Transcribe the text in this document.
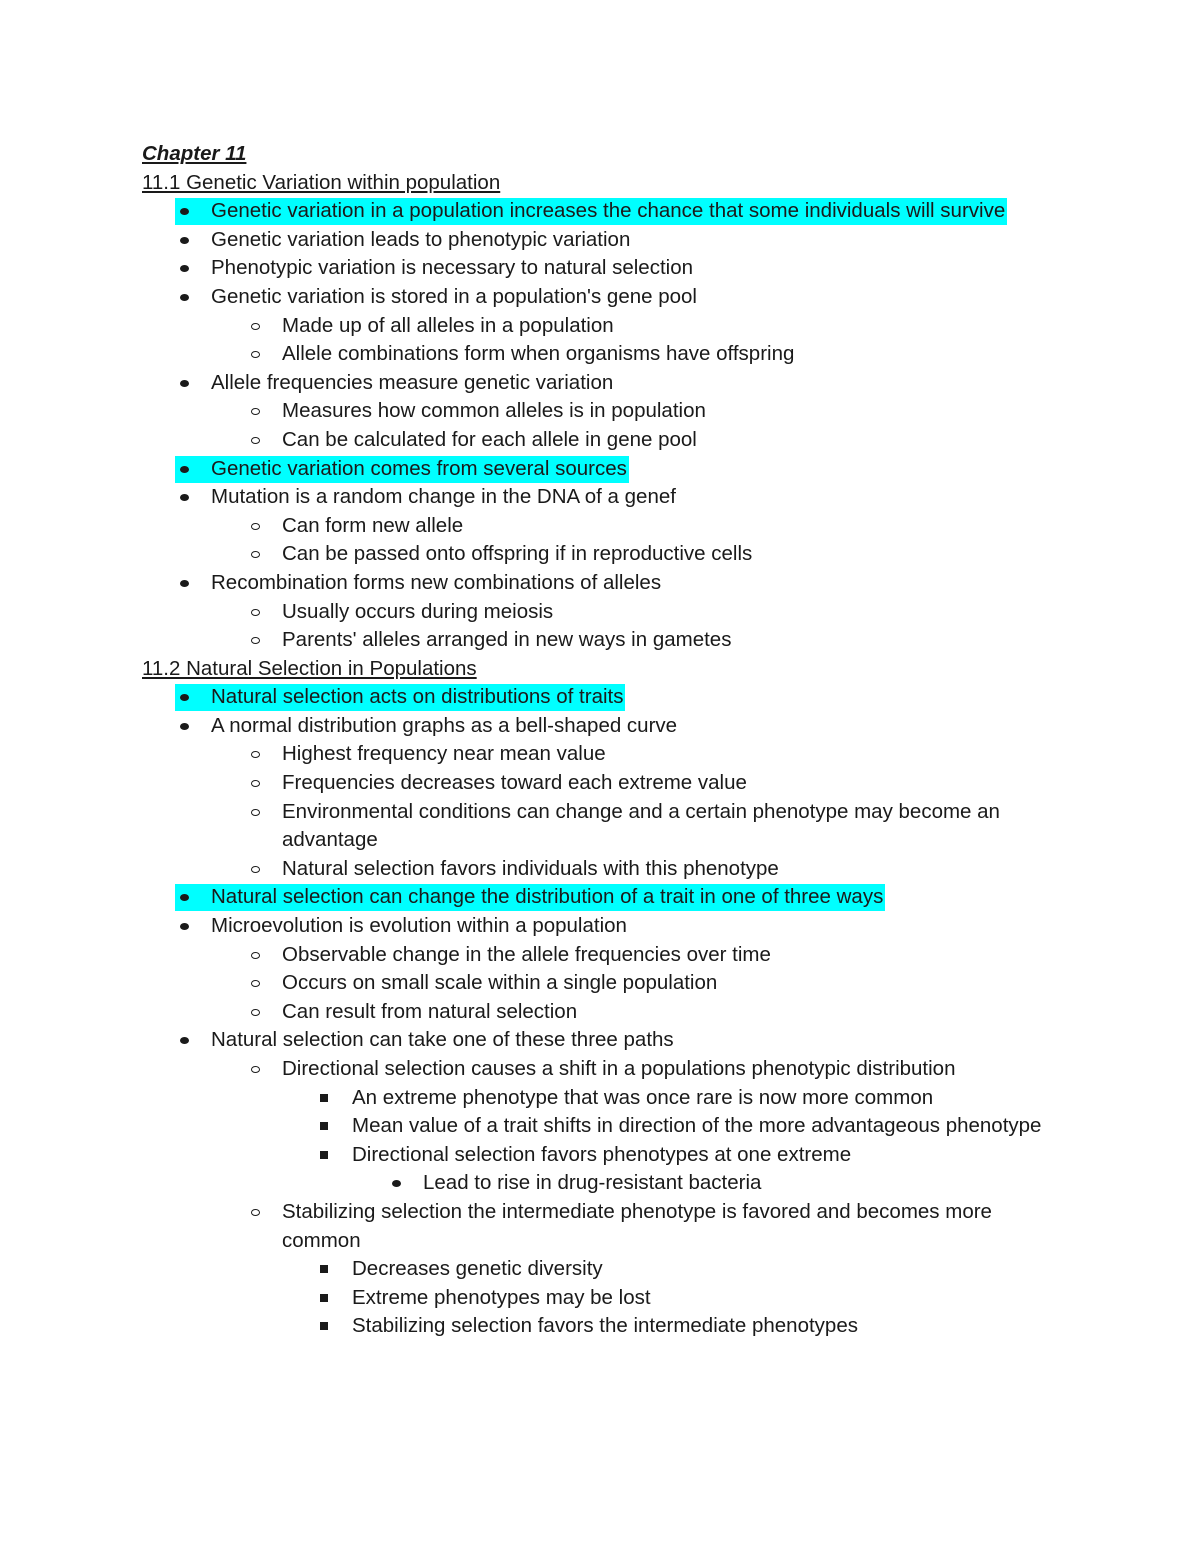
Chapter 11
11.1 Genetic Variation within population
Genetic variation in a population increases the chance that some individuals will survive
Genetic variation leads to phenotypic variation
Phenotypic variation is necessary to natural selection
Genetic variation is stored in a population's gene pool
Made up of all alleles in a population
Allele combinations form when organisms have offspring
Allele frequencies measure genetic variation
Measures how common alleles is in population
Can be calculated for each allele in gene pool
Genetic variation comes from several sources
Mutation is a random change in the DNA of a genef
Can form new allele
Can be passed onto offspring if in reproductive cells
Recombination forms new combinations of alleles
Usually occurs during meiosis
Parents' alleles arranged in new ways in gametes
11.2 Natural Selection in Populations
Natural selection acts on distributions of traits
A normal distribution graphs as a bell-shaped curve
Highest frequency near mean value
Frequencies decreases toward each extreme value
Environmental conditions can change and a certain phenotype may become an advantage
Natural selection favors individuals with this phenotype
Natural selection can change the distribution of a trait in one of three ways
Microevolution is evolution within a population
Observable change in the allele frequencies over time
Occurs on small scale within a single population
Can result from natural selection
Natural selection can take one of these three paths
Directional selection causes a shift in a populations phenotypic distribution
An extreme phenotype that was once rare is now more common
Mean value of a trait shifts in direction of the more advantageous phenotype
Directional selection favors phenotypes at one extreme
Lead to rise in drug-resistant bacteria
Stabilizing selection the intermediate phenotype is favored and becomes more common
Decreases genetic diversity
Extreme phenotypes may be lost
Stabilizing selection favors the intermediate phenotypes
